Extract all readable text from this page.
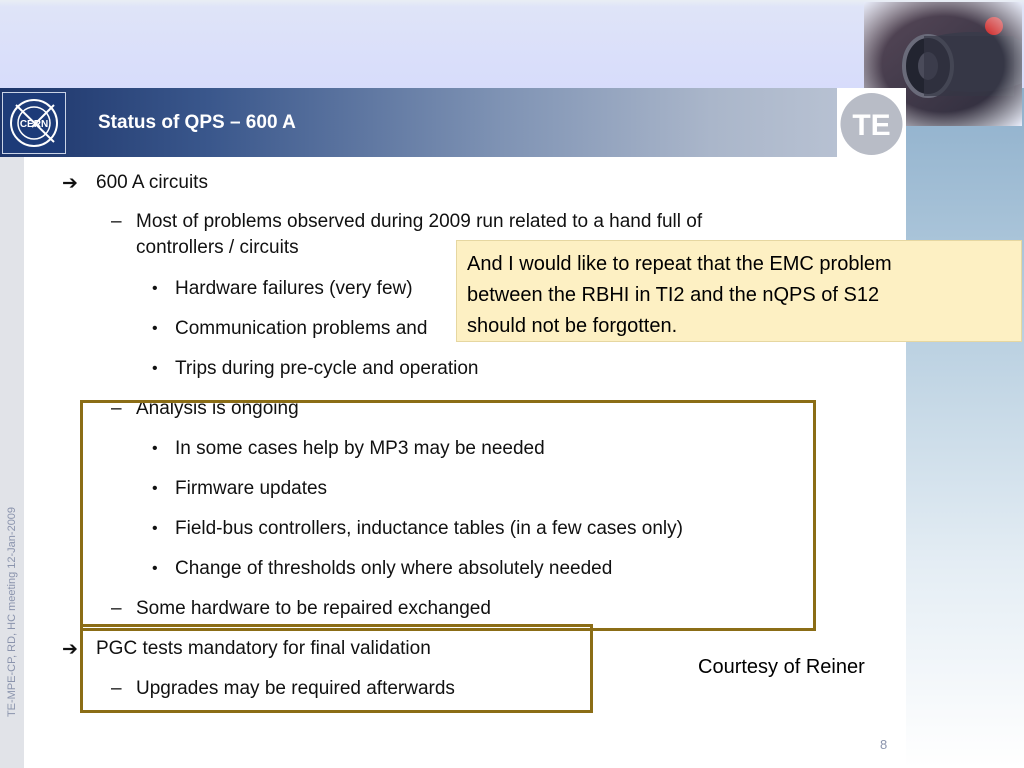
TE-MPE-CP, RD, HC meeting 12-Jan-2009
CERN	Status of QPS – 600 A	TE
➔ 600 A circuits
– Most of problems observed during 2009 run related to a hand full of
controllers / circuits
• Hardware failures (very few)
• Communication problems and
• Trips during pre-cycle and operation
– Analysis is ongoing
• In some cases help by MP3 may be needed
• Firmware updates
• Field-bus controllers, inductance tables (in a few cases only)
• Change of thresholds only where absolutely needed
– Some hardware to be repaired exchanged
➔ PGC tests mandatory for final validation
– Upgrades may be required afterwards
And I would like to repeat that the EMC problem
between the RBHI in TI2 and the nQPS of S12
should not be forgotten.
Courtesy of Reiner
8
